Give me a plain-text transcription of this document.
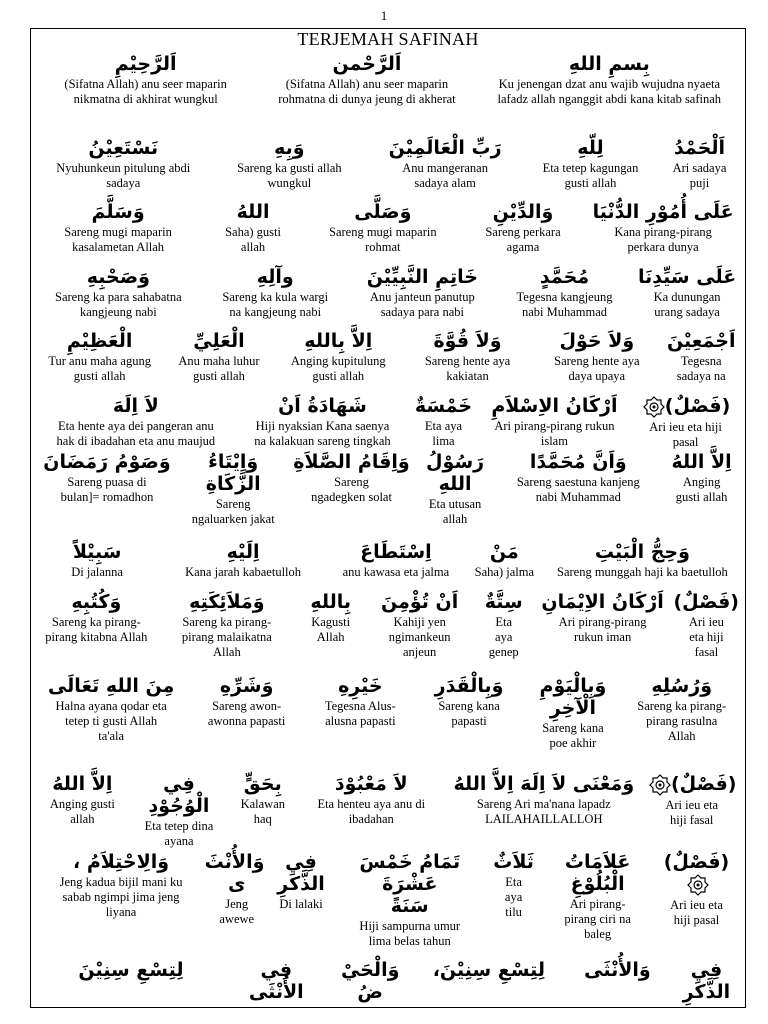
1
TERJEMAH SAFINAH
بِسمِ اللهِ
Ku jenengan dzat anu wajib wujudna nyaeta
lafadz allah nganggit abdi kana kitab safinah
اَلرَّحْمن
(Sifatna Allah) anu seer maparin
rohmatna di dunya jeung di akherat
اَلرَّحِيْمِ
(Sifatna Allah) anu seer maparin
nikmatna di akhirat wungkul
اَلْحَمْدُ
Ari sadaya
puji
لِلّهِ
Eta tetep kagungan
gusti allah
رَبِّ الْعَالَمِيْنَ
Anu mangeranan
sadaya alam
وَبِهِ
Sareng ka gusti allah
wungkul
نَسْتَعِيْنُ
Nyuhunkeun pitulung abdi
sadaya
عَلَى أُمُوْرِ الدُّنْيَا
Kana pirang-pirang
perkara dunya
وَالدِّيْنِ
Sareng perkara
agama
وَصَلَّى
Sareng mugi maparin
rohmat
اللهُ
Saha) gusti
allah
وَسَلَّمَ
Sareng mugi maparin
kasalametan Allah
عَلَى سَيِّدِنَا
Ka dunungan
urang sadaya
مُحَمَّدٍ
Tegesna kangjeung
nabi Muhammad
خَاتِمِ النَّبِيِّيْنَ
Anu janteun panutup
sadaya para nabi
وآلِهِ
Sareng ka kula wargi
na kangjeung nabi
وَصَحْبِهِ
Sareng ka para sahabatna
kangjeung nabi
اَجْمَعِيْنَ
Tegesna
sadaya na
وَلاَ حَوْلَ
Sareng hente aya
daya upaya
وَلاَ قُوَّةَ
Sareng hente aya
kakiatan
اِلاَّ بِاللهِ
Anging kupitulung
gusti allah
الْعَلِيِّ
Anu maha luhur
gusti allah
الْعَظِيْمِ
Tur anu maha agung
gusti allah
(فَصْلٌ)
Ari ieu eta hiji
pasal
اَرْكَانُ الاِسْلاَمِ
Ari pirang-pirang rukun
islam
خَمْسَةٌ
Eta aya
lima
شَهَادَةُ اَنْ
Hiji nyaksian Kana saenya
na kalakuan sareng tingkah
لاَ اِلَهَ
Eta hente aya dei pangeran anu
hak di ibadahan eta anu maujud
اِلاَّ اللهُ
Anging
gusti allah
وَاَنَّ مُحَمَّدًا
Sareng saestuna kanjeng
nabi Muhammad
رَسُوْلُ
اللهِ
Eta utusan
allah
وَاِقَامُ الصَّلاَةِ
Sareng
ngadegken solat
وَاِيْتَاءُ
الزَّكَاةِ
Sareng
ngaluarken jakat
وَصَوْمُ رَمَضَانَ
Sareng puasa di
bulan]= romadhon
وَحِجُّ الْبَيْتِ
Sareng munggah haji ka baetulloh
مَنْ
Saha) jalma
اِسْتَطَاعَ
anu kawasa eta jalma
اِلَيْهِ
Kana jarah kabaetulloh
سَبِيْلاً
Di jalanna
(فَصْلٌ)
Ari ieu
eta hiji
fasal
اَرْكَانُ الاِيْمَانِ
Ari pirang-pirang
rukun iman
سِتَّةٌ
Eta
aya
genep
اَنْ تُؤْمِنَ
Kahiji yen
ngimankeun
anjeun
بِاللهِ
Kagusti
Allah
وَمَلاَئِكَتِهِ
Sareng ka pirang-
pirang malaikatna
Allah
وَكُتُبِهِ
Sareng ka pirang-
pirang kitabna Allah
وَرُسُلِهِ
Sareng ka pirang-
pirang rasulna
Allah
وَبِالْيَوْمِ
الْآخِرِ
Sareng kana
poe akhir
وَبِالْقَدَرِ
Sareng kana
papasti
خَيْرِهِ
Tegesna Alus-
alusna papasti
وَشَرِّهِ
Sareng awon-
awonna papasti
مِنَ اللهِ تَعَالَى
Halna ayana qodar eta
tetep ti gusti Allah
ta'ala
(فَصْلٌ)
Ari ieu eta
hiji fasal
وَمَعْنَى لاَ اِلَهَ اِلاَّ اللهُ
Sareng Ari ma'nana lapadz
LAILAHAILLALLOH
لاَ مَعْبُوْدَ
Eta henteu aya anu di
ibadahan
بِحَقٍّ
Kalawan
haq
فِي الْوُجُوْدِ
Eta tetep dina
ayana
اِلاَّ اللهُ
Anging gusti
allah
(فَصْلٌ)
Ari ieu eta
hiji pasal
عَلاَمَاتُ
الْبُلُوْغِ
Ari pirang-
pirang ciri na
baleg
ثَلاَثٌ
Eta
aya
tilu
تَمَامُ خَمْسَ عَشْرَةَ
سَنَةً
Hiji sampurna umur
lima belas tahun
فِي
الذَّكَرِ
Di lalaki
وَالأُنْثَ
ى
Jeng
awewe
وَالِاحْتِلاَمُ ،
Jeng kadua bijil mani ku
sabab ngimpi jima jeng
liyana
فِي
الذَّكَرِ
وَالأُنْثَى
لِتِسْعِ سِنِيْنَ،
وَالْحَيْ
ضُ
فِي
الأُنْثَى
لِتِسْعِ سِنِيْنَ
